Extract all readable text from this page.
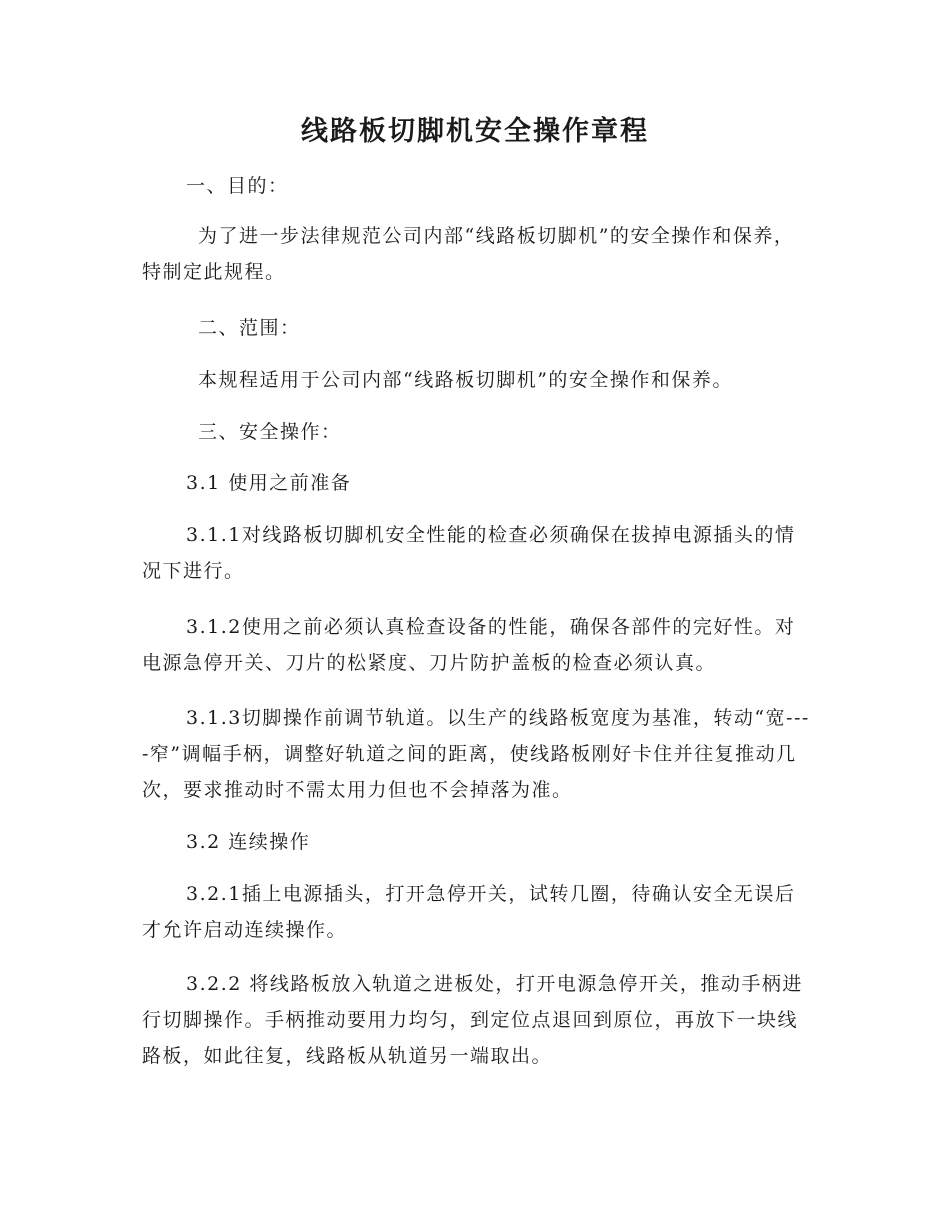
线路板切脚机安全操作章程

一、目的：

为了进一步法律规范公司内部“线路板切脚机”的安全操作和保养，特制定此规程。

二、范围：

本规程适用于公司内部“线路板切脚机”的安全操作和保养。

三、安全操作：

3.1 使用之前准备

3.1.1对线路板切脚机安全性能的检查必须确保在拔掉电源插头的情况下进行。

3.1.2使用之前必须认真检查设备的性能，确保各部件的完好性。对电源急停开关、刀片的松紧度、刀片防护盖板的检查必须认真。

3.1.3切脚操作前调节轨道。以生产的线路板宽度为基准，转动“宽----窄”调幅手柄，调整好轨道之间的距离，使线路板刚好卡住并往复推动几次，要求推动时不需太用力但也不会掉落为准。

3.2 连续操作

3.2.1插上电源插头，打开急停开关，试转几圈，待确认安全无误后才允许启动连续操作。

3.2.2 将线路板放入轨道之进板处，打开电源急停开关，推动手柄进行切脚操作。手柄推动要用力均匀，到定位点退回到原位，再放下一块线路板，如此往复，线路板从轨道另一端取出。
